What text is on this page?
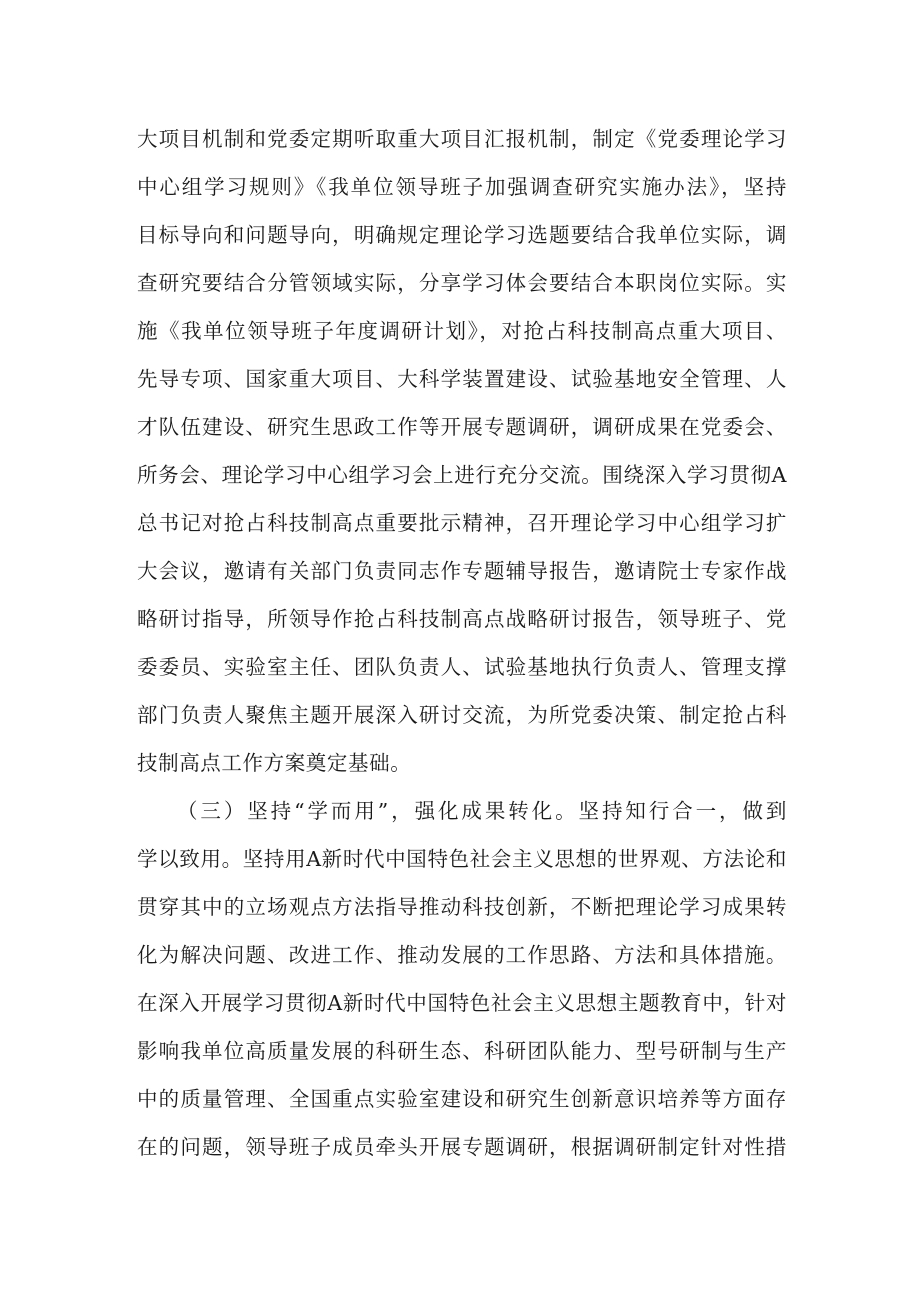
大项目机制和党委定期听取重大项目汇报机制，制定《党委理论学习
中心组学习规则》《我单位领导班子加强调查研究实施办法》，坚持
目标导向和问题导向，明确规定理论学习选题要结合我单位实际，调
查研究要结合分管领域实际，分享学习体会要结合本职岗位实际。实
施《我单位领导班子年度调研计划》，对抢占科技制高点重大项目、
先导专项、国家重大项目、大科学装置建设、试验基地安全管理、人
才队伍建设、研究生思政工作等开展专题调研，调研成果在党委会、
所务会、理论学习中心组学习会上进行充分交流。围绕深入学习贯彻A
总书记对抢占科技制高点重要批示精神，召开理论学习中心组学习扩
大会议，邀请有关部门负责同志作专题辅导报告，邀请院士专家作战
略研讨指导，所领导作抢占科技制高点战略研讨报告，领导班子、党
委委员、实验室主任、团队负责人、试验基地执行负责人、管理支撑
部门负责人聚焦主题开展深入研讨交流，为所党委决策、制定抢占科
技制高点工作方案奠定基础。
（三）坚持“学而用”，强化成果转化。坚持知行合一，做到
学以致用。坚持用A新时代中国特色社会主义思想的世界观、方法论和
贯穿其中的立场观点方法指导推动科技创新，不断把理论学习成果转
化为解决问题、改进工作、推动发展的工作思路、方法和具体措施。
在深入开展学习贯彻A新时代中国特色社会主义思想主题教育中，针对
影响我单位高质量发展的科研生态、科研团队能力、型号研制与生产
中的质量管理、全国重点实验室建设和研究生创新意识培养等方面存
在的问题，领导班子成员牵头开展专题调研，根据调研制定针对性措
